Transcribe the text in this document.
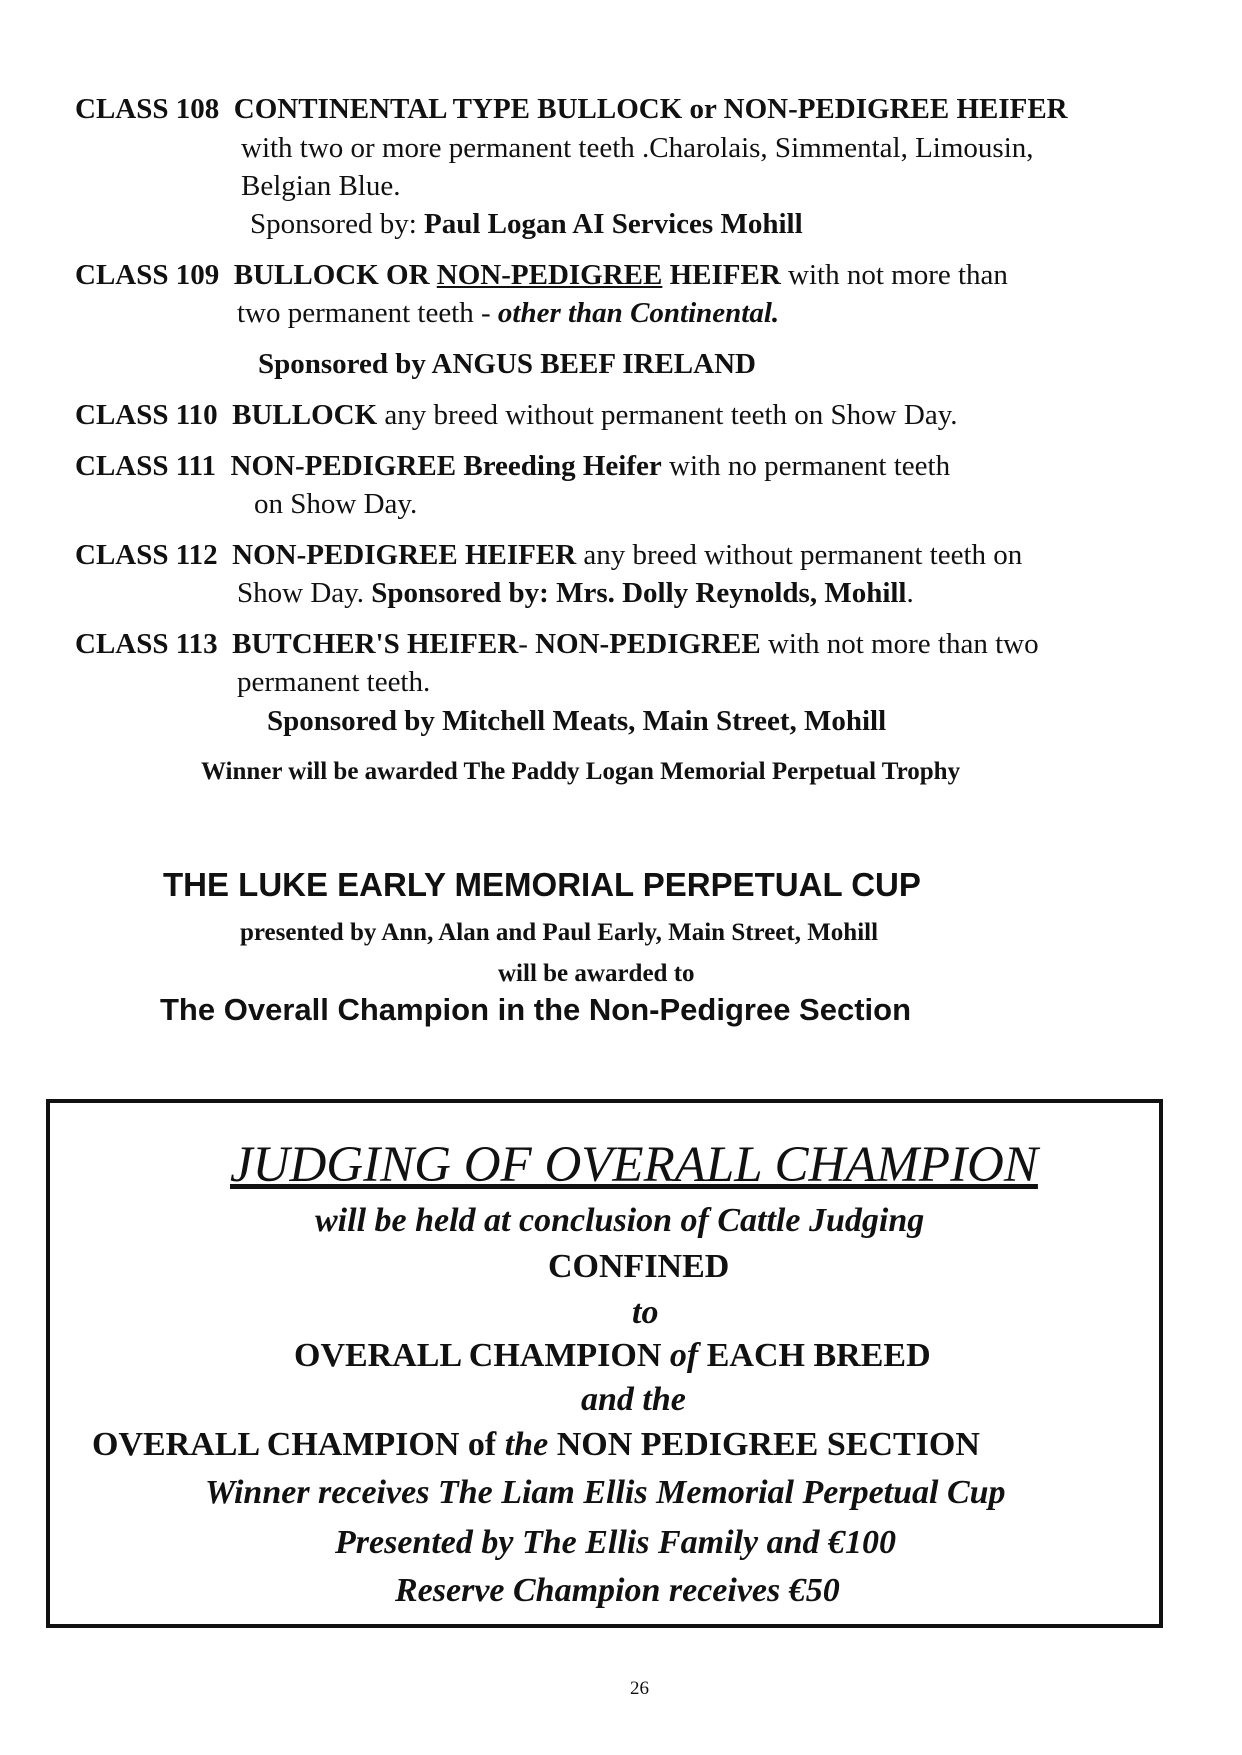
CLASS 108 CONTINENTAL TYPE BULLOCK or NON-PEDIGREE HEIFER
with two or more permanent teeth .Charolais, Simmental, Limousin,
Belgian Blue.
Sponsored by: Paul Logan AI Services Mohill
CLASS 109 BULLOCK OR NON-PEDIGREE HEIFER with not more than
two permanent teeth - other than Continental.
Sponsored by ANGUS BEEF IRELAND
CLASS 110 BULLOCK any breed without permanent teeth on Show Day.
CLASS 111 NON-PEDIGREE Breeding Heifer with no permanent teeth
on Show Day.
CLASS 112 NON-PEDIGREE HEIFER any breed without permanent teeth on
Show Day. Sponsored by: Mrs. Dolly Reynolds, Mohill.
CLASS 113 BUTCHER'S HEIFER- NON-PEDIGREE with not more than two
permanent teeth.
Sponsored by Mitchell Meats, Main Street, Mohill
Winner will be awarded The Paddy Logan Memorial Perpetual Trophy
THE LUKE EARLY MEMORIAL PERPETUAL CUP
presented by Ann, Alan and Paul Early, Main Street, Mohill
will be awarded to
The Overall Champion in the Non-Pedigree Section
JUDGING OF OVERALL CHAMPION
will be held at conclusion of Cattle Judging
CONFINED
to
OVERALL CHAMPION of EACH BREED
and the
OVERALL CHAMPION of the NON PEDIGREE SECTION
Winner receives The Liam Ellis Memorial Perpetual Cup
Presented by The Ellis Family and €100
Reserve Champion receives €50
26
